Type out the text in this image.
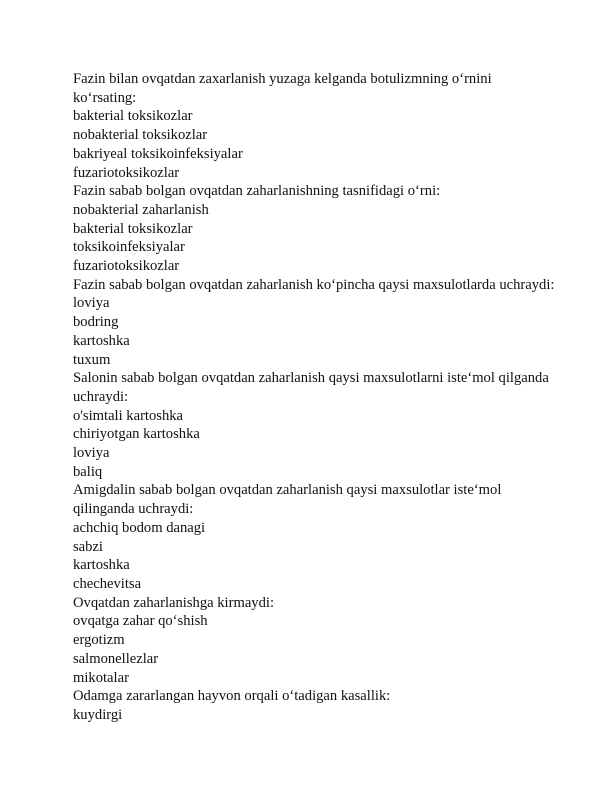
Fazin bilan ovqatdan zaxarlanish yuzaga kelganda botulizmning o‘rnini
ko‘rsating:
bakterial toksikozlar
nobakterial toksikozlar
bakriyeal toksikoinfeksiyalar
fuzariotoksikozlar
Fazin sabab bolgan ovqatdan zaharlanishning tasnifidagi o‘rni:
nobakterial zaharlanish
bakterial toksikozlar
toksikoinfeksiyalar
fuzariotoksikozlar
Fazin sabab bolgan ovqatdan zaharlanish ko‘pincha qaysi maxsulotlarda uchraydi:
loviya
bodring
kartoshka
tuxum
Salonin sabab bolgan ovqatdan zaharlanish qaysi maxsulotlarni iste‘mol qilganda
uchraydi:
o'simtali kartoshka
chiriyotgan kartoshka
loviya
baliq
Amigdalin sabab bolgan ovqatdan zaharlanish qaysi maxsulotlar iste‘mol
qilinganda uchraydi:
achchiq bodom danagi
sabzi
kartoshka
chechevitsa
Ovqatdan zaharlanishga kirmaydi:
ovqatga zahar qo‘shish
ergotizm
salmonellezlar
mikotalar
Odamga zararlangan hayvon orqali o‘tadigan kasallik:
kuydirgi
